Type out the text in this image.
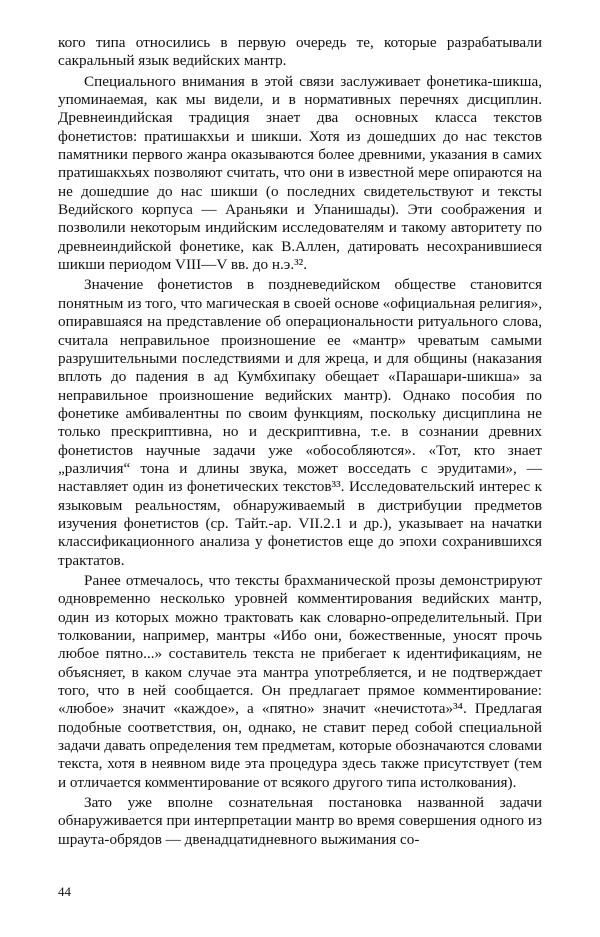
кого типа относились в первую очередь те, которые разрабатывали сакральный язык ведийских мантр.

Специального внимания в этой связи заслуживает фонетика-шикша, упоминаемая, как мы видели, и в нормативных перечнях дисциплин. Древнеиндийская традиция знает два основных класса текстов фонетистов: пратишакхьи и шикши. Хотя из дошедших до нас текстов памятники первого жанра оказываются более древними, указания в самих пратишакхьях позволяют считать, что они в известной мере опираются на не дошедшие до нас шикши (о последних свидетельствуют и тексты Ведийского корпуса — Араньяки и Упанишады). Эти соображения и позволили некоторым индийским исследователям и такому авторитету по древнеиндийской фонетике, как В.Аллен, датировать несохранившиеся шикши периодом VIII—V вв. до н.э.³².

Значение фонетистов в поздневедийском обществе становится понятным из того, что магическая в своей основе «официальная религия», опиравшаяся на представление об операциональности ритуального слова, считала неправильное произношение ее «мантр» чреватым самыми разрушительными последствиями и для жреца, и для общины (наказания вплоть до падения в ад Кумбхипаку обещает «Парашари-шикша» за неправильное произношение ведийских мантр). Однако пособия по фонетике амбивалентны по своим функциям, поскольку дисциплина не только прескриптивна, но и дескриптивна, т.е. в сознании древних фонетистов научные задачи уже «обособляются». «Тот, кто знает „различия“ тона и длины звука, может восседать с эрудитами», — наставляет один из фонетических текстов³³. Исследовательский интерес к языковым реальностям, обнаруживаемый в дистрибуции предметов изучения фонетистов (ср. Тайт.-ар. VII.2.1 и др.), указывает на начатки классификационного анализа у фонетистов еще до эпохи сохранившихся трактатов.

Ранее отмечалось, что тексты брахманической прозы демонстрируют одновременно несколько уровней комментирования ведийских мантр, один из которых можно трактовать как словарно-определительный. При толковании, например, мантры «Ибо они, божественные, уносят прочь любое пятно...» составитель текста не прибегает к идентификациям, не объясняет, в каком случае эта мантра употребляется, и не подтверждает того, что в ней сообщается. Он предлагает прямое комментирование: «любое» значит «каждое», а «пятно» значит «нечистота»³⁴. Предлагая подобные соответствия, он, однако, не ставит перед собой специальной задачи давать определения тем предметам, которые обозначаются словами текста, хотя в неявном виде эта процедура здесь также присутствует (тем и отличается комментирование от всякого другого типа истолкования).

Зато уже вполне сознательная постановка названной задачи обнаруживается при интерпретации мантр во время совершения одного из шраута-обрядов — двенадцатидневного выжимания со-

44
